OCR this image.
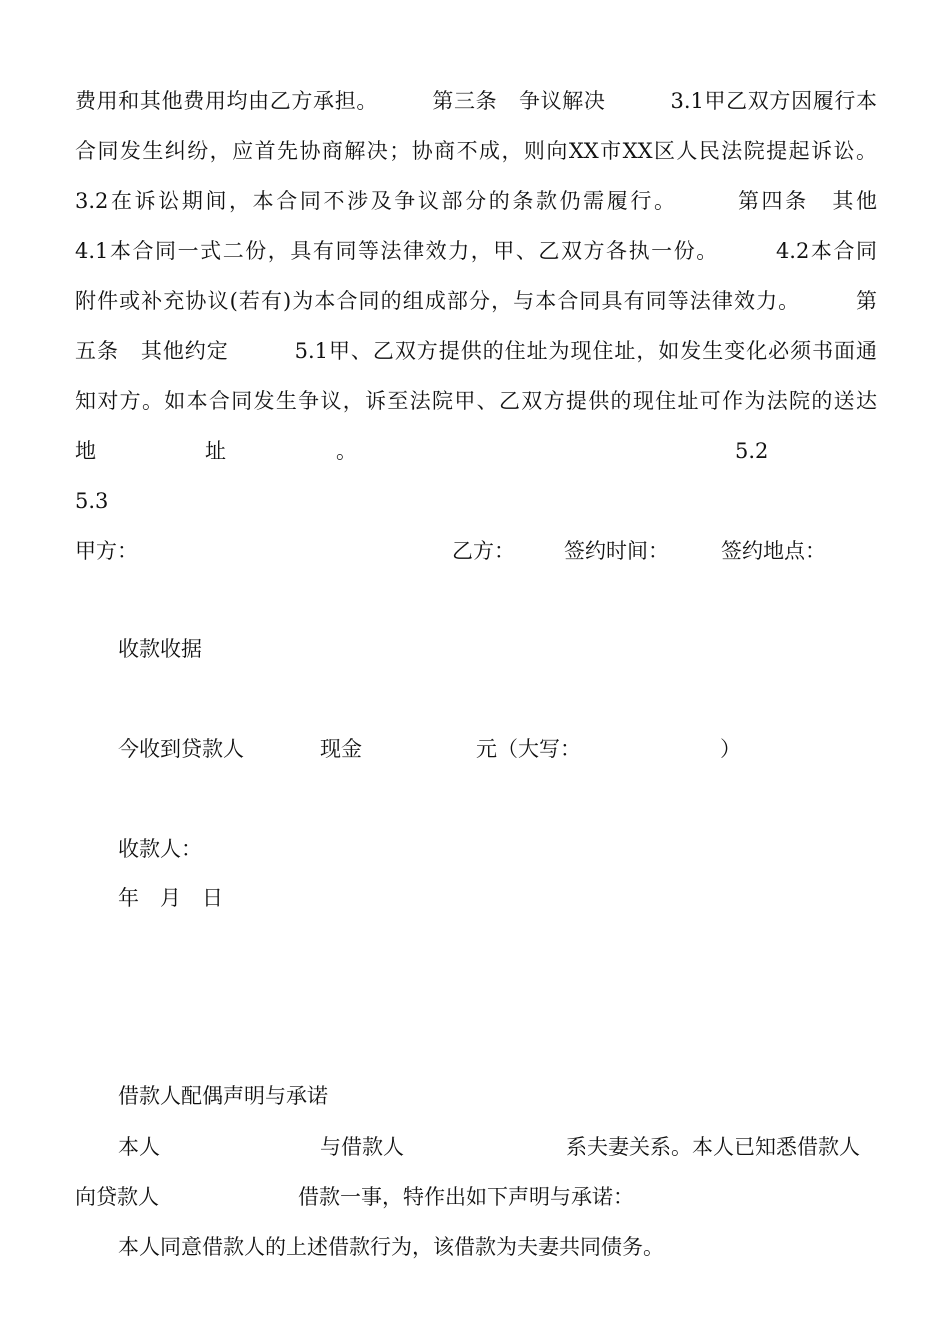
费用和其他费用均由乙方承担。　　　第三条　争议解决　　　3.1甲乙双方因履行本
合同发生纠纷，应首先协商解决；协商不成，则向XX市XX区人民法院提起诉讼。
3.2在诉讼期间，本合同不涉及争议部分的条款仍需履行。　　　第四条　其他
4.1本合同一式二份，具有同等法律效力，甲、乙双方各执一份。　　　4.2本合同
附件或补充协议(若有)为本合同的组成部分，与本合同具有同等法律效力。　　　第
五条　其他约定　　　5.1甲、乙双方提供的住址为现住址，如发生变化必须书面通
知对方。如本合同发生争议，诉至法院甲、乙双方提供的现住址可作为法院的送达
地	址	。	5.2
5.3
甲方：	乙方： 签约时间： 签约地点：
收款收据
今收到贷款人	现金	元（大写：	）
收款人：
年　月　日
借款人配偶声明与承诺
本人	与借款人	系夫妻关系。本人已知悉借款人
向贷款人	借款一事，特作出如下声明与承诺：
本人同意借款人的上述借款行为，该借款为夫妻共同债务。
